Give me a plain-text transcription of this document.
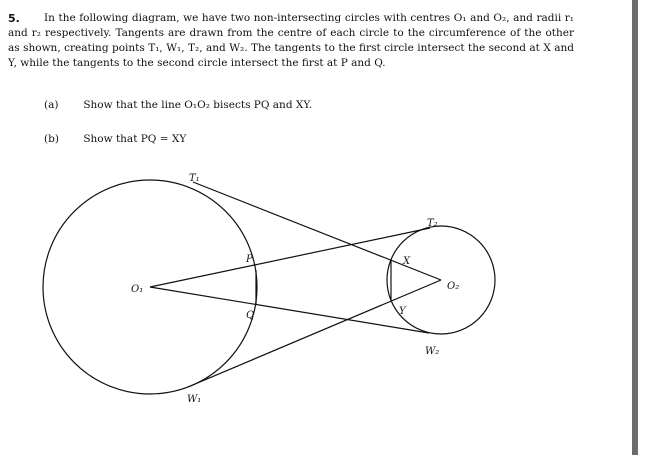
5.	In the following diagram, we have two non-intersecting circles with centres O₁ and O₂, and radii r₁ and r₂ respectively. Tangents are drawn from the centre of each circle to the circumference of the other as shown, creating points T₁, W₁, T₂, and W₂. The tangents to the first circle intersect the second at X and Y, while the tangents to the second circle intersect the first at P and Q.
(a) Show that the line O₁O₂ bisects PQ and XY.
(b) Show that PQ = XY
T₁
W₁
T₂
W₂
O₁	O₂
P
Q
X
Y
